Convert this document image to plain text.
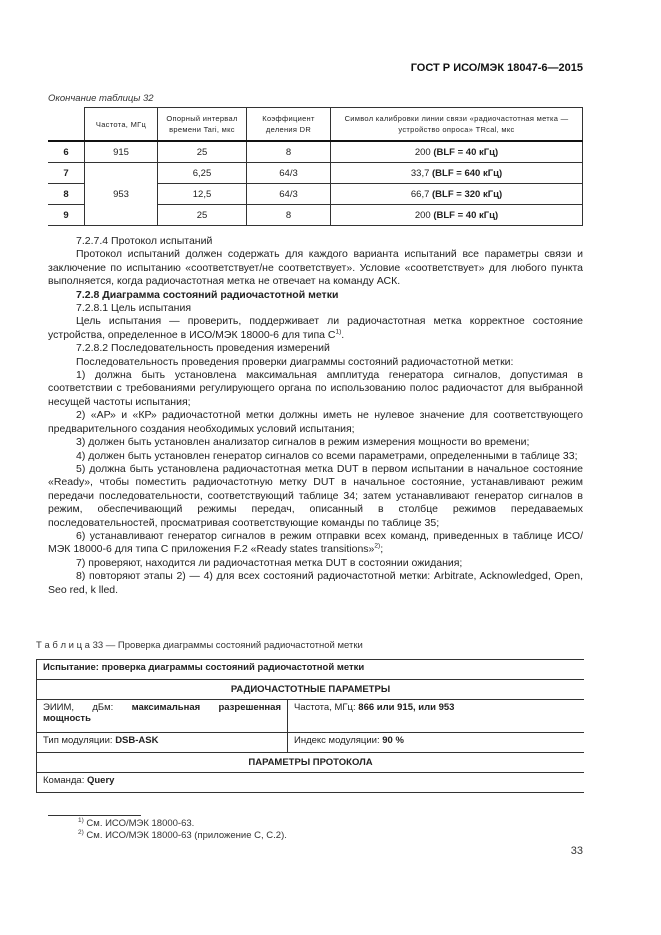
ГОСТ Р ИСО/МЭК 18047-6—2015
Окончание таблицы 32
	Частота, МГц	Опорный интервал времени Tari, мкс	Коэффициент деления DR	Символ калибровки линии связи «радиочастотная метка — устройство опроса» TRcal, мкс
6	915	25	8	200 (BLF = 40 кГц)
7	953	6,25	64/3	33,7 (BLF = 640 кГц)
8		12,5	64/3	66,7 (BLF = 320 кГц)
9		25	8	200 (BLF = 40 кГц)

7.2.7.4 Протокол испытаний

Протокол испытаний должен содержать для каждого варианта испытаний все параметры связи и заключение по испытанию «соответствует/не соответствует». Условие «соответствует» для любого пункта выполняется, когда радиочастотная метка не отвечает на команду АСК.

7.2.8 Диаграмма состояний радиочастотной метки

7.2.8.1 Цель испытания

Цель испытания — проверить, поддерживает ли радиочастотная метка корректное состояние устройства, определенное в ИСО/МЭК 18000-6 для типа $С^{1)}$.

7.2.8.2 Последовательность проведения измерений

Последовательность проведения проверки диаграммы состояний радиочастотной метки:

1) должна быть установлена максимальная амплитуда генератора сигналов, допустимая в соответствии с требованиями регулирующего органа по использованию полос радиочастот для выбранной несущей частоты испытания;

2) «АР» и «КР» радиочастотной метки должны иметь не нулевое значение для соответствующего предварительного создания необходимых условий испытания;

3) должен быть установлен анализатор сигналов в режим измерения мощности во времени;

4) должен быть установлен генератор сигналов со всеми параметрами, определенными в таблице 33;

5) должна быть установлена радиочастотная метка DUT в первом испытании в начальное состояние «Ready», чтобы поместить радиочастотную метку DUT в начальное состояние, устанавливают режим передачи последовательности, соответствующий таблице 34; затем устанавливают генератор сигналов в режим, обеспечивающий режимы передач, описанный в столбце режимов передаваемых последовательностей, просматривая соответствующие команды по таблице 35;

6) устанавливают генератор сигналов в режим отправки всех команд, приведенных в таблице ИСО/МЭК 18000-6 для типа С приложения F.2 «Ready states transitions»$^{2)}$;

7) проверяют, находится ли радиочастотная метка DUT в состоянии ожидания;

8) повторяют этапы 2) — 4) для всех состояний радиочастотной метки: Arbitrate, Acknowledged, Open, Seo red, k lled.

Т а б л и ц а 33 — Проверка диаграммы состояний радиочастотной метки
Испытание: проверка диаграммы состояний радиочастотной метки	
РАДИОЧАСТОТНЫЕ ПАРАМЕТРЫ	
ЭИИМ, дБм: максимальная разрешенная мощность	Частота, МГц: 866 или 915, или 953
Тип модуляции: DSB-ASK	Индекс модуляции: 90 %
ПАРАМЕТРЫ ПРОТОКОЛА	
Команда: Query	
$^{1)}$ См. ИСО/МЭК 18000-63.
$^{2)}$ См. ИСО/МЭК 18000-63 (приложение С, С.2).
33
